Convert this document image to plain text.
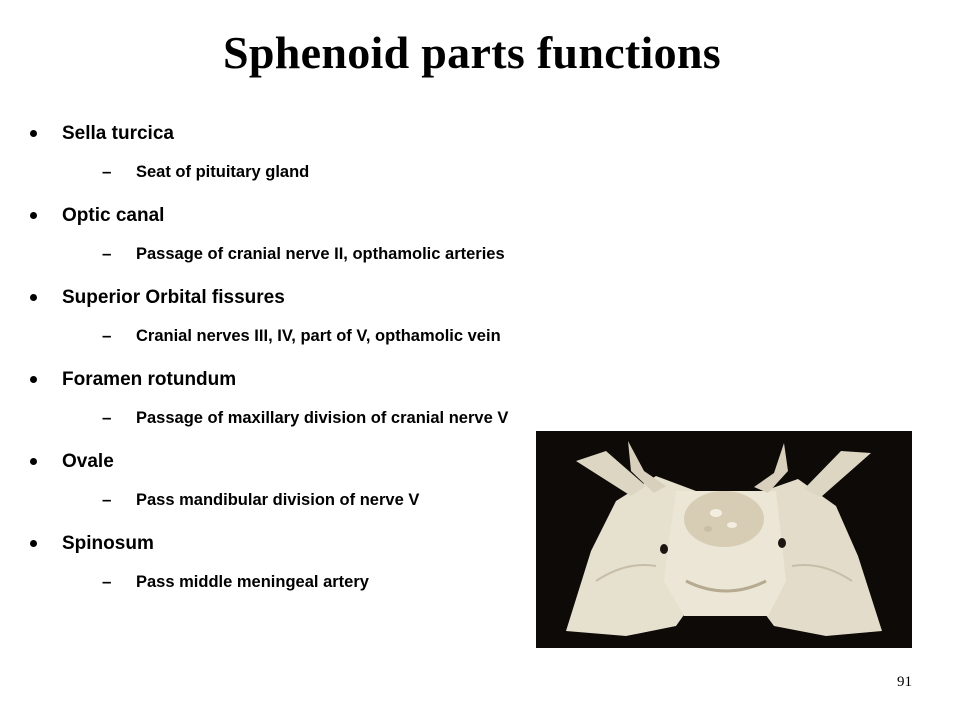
Sphenoid parts functions
Sella turcica
– Seat of pituitary gland
Optic canal
– Passage of cranial nerve II, opthamolic arteries
Superior Orbital fissures
– Cranial nerves III, IV, part of V, opthamolic vein
Foramen rotundum
– Passage of maxillary division of cranial nerve V
Ovale
– Pass mandibular division of nerve V
Spinosum
– Pass middle meningeal artery
91
